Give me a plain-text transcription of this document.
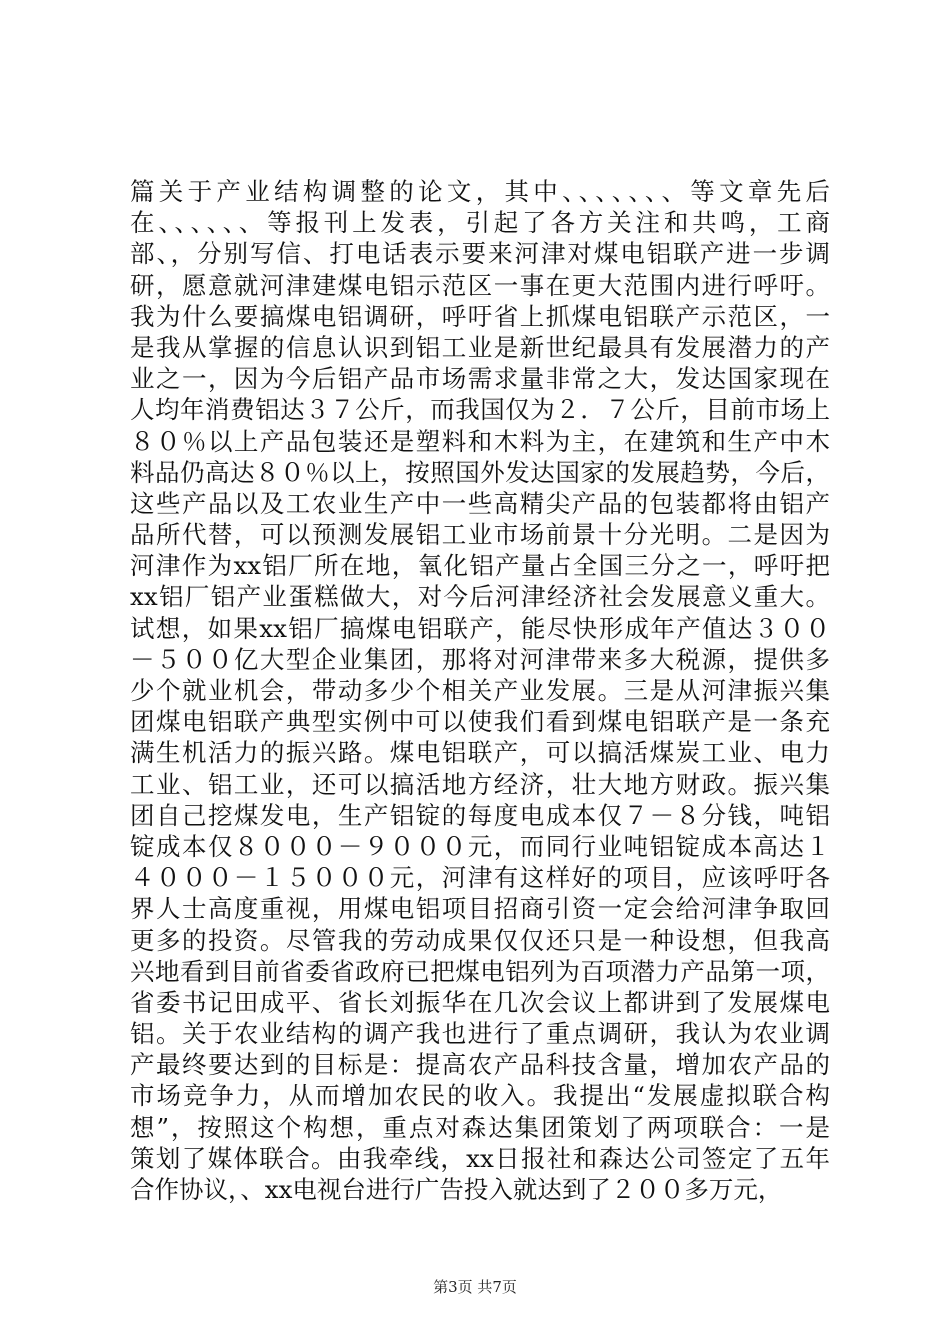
篇关于产业结构调整的论文，其中、、、、、、、等文章先后
在、、、、、、等报刊上发表，引起了各方关注和共鸣，工商
部、，分别写信、打电话表示要来河津对煤电铝联产进一步调
研，愿意就河津建煤电铝示范区一事在更大范围内进行呼吁。
我为什么要搞煤电铝调研，呼吁省上抓煤电铝联产示范区，一
是我从掌握的信息认识到铝工业是新世纪最具有发展潜力的产
业之一，因为今后铝产品市场需求量非常之大，发达国家现在
人均年消费铝达３７公斤，而我国仅为２．７公斤，目前市场上
８０％以上产品包装还是塑料和木料为主，在建筑和生产中木
料品仍高达８０％以上，按照国外发达国家的发展趋势，今后，
这些产品以及工农业生产中一些高精尖产品的包装都将由铝产
品所代替，可以预测发展铝工业市场前景十分光明。二是因为
河津作为xx铝厂所在地，氧化铝产量占全国三分之一，呼吁把
xx铝厂铝产业蛋糕做大，对今后河津经济社会发展意义重大。
试想，如果xx铝厂搞煤电铝联产，能尽快形成年产值达３００
－５００亿大型企业集团，那将对河津带来多大税源，提供多
少个就业机会，带动多少个相关产业发展。三是从河津振兴集
团煤电铝联产典型实例中可以使我们看到煤电铝联产是一条充
满生机活力的振兴路。煤电铝联产，可以搞活煤炭工业、电力
工业、铝工业，还可以搞活地方经济，壮大地方财政。振兴集
团自己挖煤发电，生产铝锭的每度电成本仅７－８分钱，吨铝
锭成本仅８０００－９０００元，而同行业吨铝锭成本高达１
４０００－１５０００元，河津有这样好的项目，应该呼吁各
界人士高度重视，用煤电铝项目招商引资一定会给河津争取回
更多的投资。尽管我的劳动成果仅仅还只是一种设想，但我高
兴地看到目前省委省政府已把煤电铝列为百项潜力产品第一项，
省委书记田成平、省长刘振华在几次会议上都讲到了发展煤电
铝。关于农业结构的调产我也进行了重点调研，我认为农业调
产最终要达到的目标是：提高农产品科技含量，增加农产品的
市场竞争力，从而增加农民的收入。我提出“发展虚拟联合构
想”，按照这个构想，重点对森达集团策划了两项联合：一是
策划了媒体联合。由我牵线，xx日报社和森达公司签定了五年
合作协议，、xx电视台进行广告投入就达到了２００多万元，
第3页 共7页
